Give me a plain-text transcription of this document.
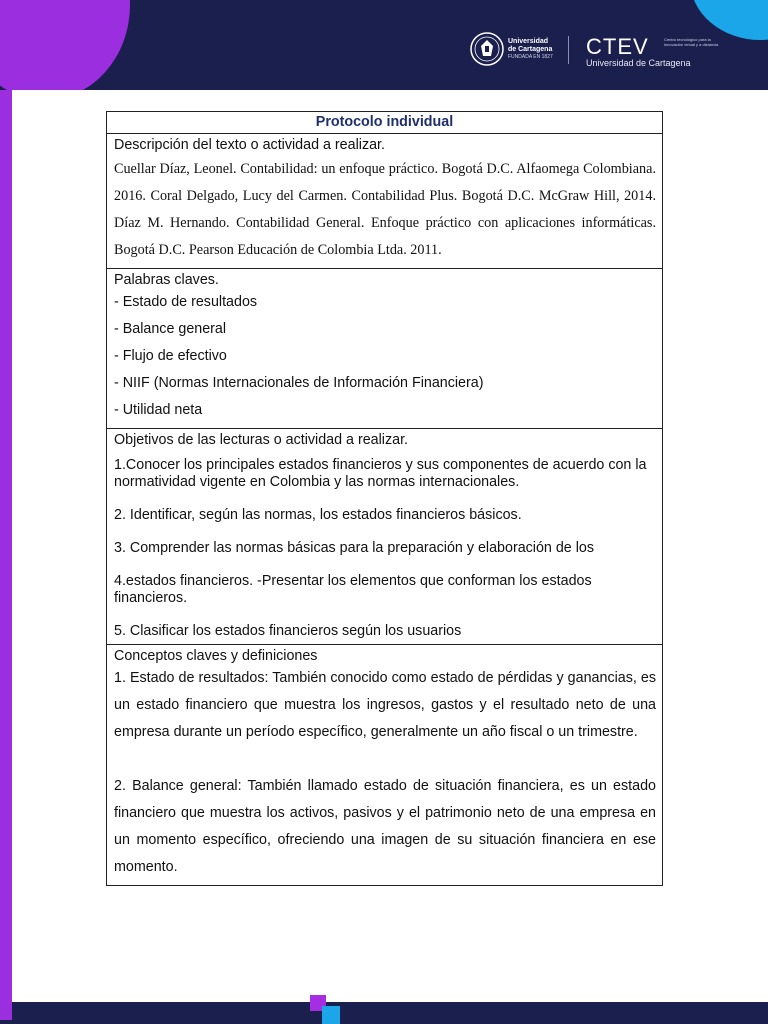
Universidad
de Cartagena
FUNDADA EN 1827 CTEV	Centro tecnológico para la innovación virtual y a distancia
Universidad de Cartagena
Protocolo individual

Descripción del texto o actividad a realizar.
Cuellar Díaz, Leonel. Contabilidad: un enfoque práctico. Bogotá D.C. Alfaomega Colombiana. 2016. Coral Delgado, Lucy del Carmen. Contabilidad Plus. Bogotá D.C. McGraw Hill, 2014. Díaz M. Hernando. Contabilidad General. Enfoque práctico con aplicaciones informáticas. Bogotá D.C. Pearson Educación de Colombia Ltda. 2011.

Palabras claves.
- Estado de resultados
- Balance general
- Flujo de efectivo
- NIIF (Normas Internacionales de Información Financiera)
- Utilidad neta

Objetivos de las lecturas o actividad a realizar.

1.Conocer los principales estados financieros y sus componentes de acuerdo con la normatividad vigente en Colombia y las normas internacionales.

2. Identificar, según las normas, los estados financieros básicos.

3. Comprender las normas básicas para la preparación y elaboración de los

4.estados financieros. -Presentar los elementos que conforman los estados financieros.

5. Clasificar los estados financieros según los usuarios

Conceptos claves y definiciones

1. Estado de resultados: También conocido como estado de pérdidas y ganancias, es un estado financiero que muestra los ingresos, gastos y el resultado neto de una empresa durante un período específico, generalmente un año fiscal o un trimestre.

2. Balance general: También llamado estado de situación financiera, es un estado financiero que muestra los activos, pasivos y el patrimonio neto de una empresa en un momento específico, ofreciendo una imagen de su situación financiera en ese momento.
